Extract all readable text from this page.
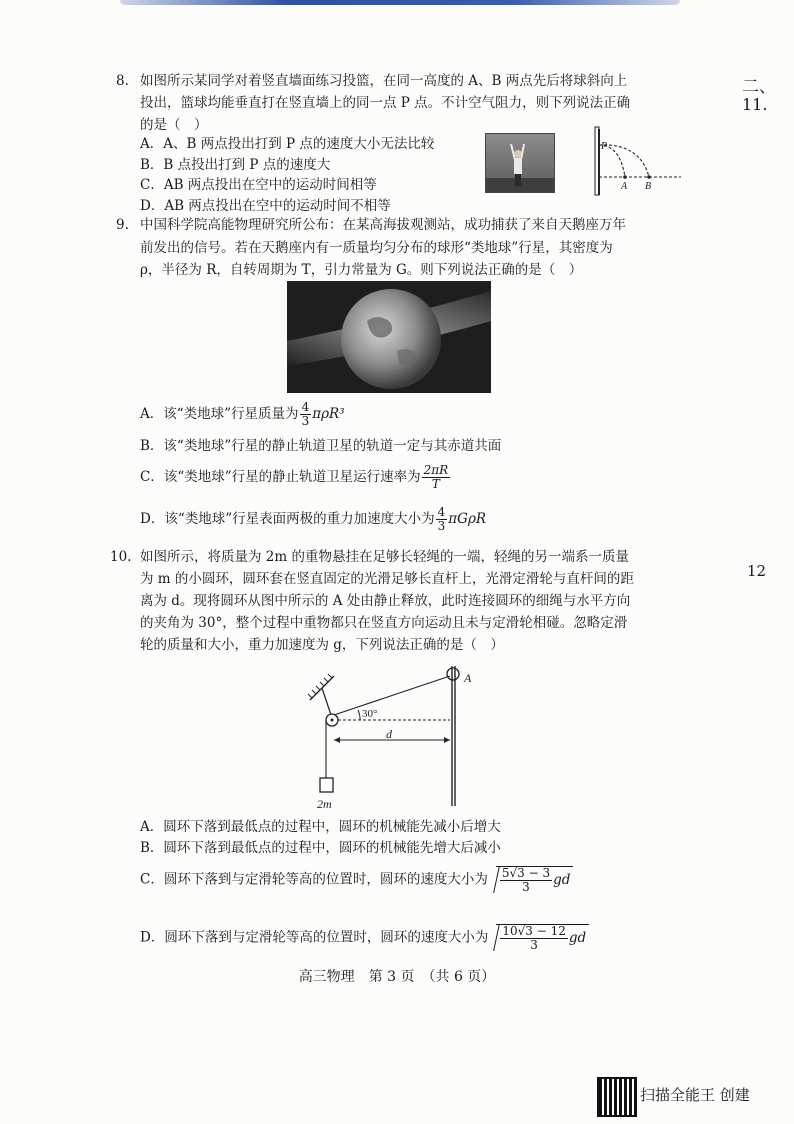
8. 如图所示某同学对着竖直墙面练习投篮，在同一高度的 A、B 两点先后将球斜向上
投出，篮球均能垂直打在竖直墙上的同一点 P 点。不计空气阻力，则下列说法正确
的是（　）
A．A、B 两点投出打到 P 点的速度大小无法比较
B．B 点投出打到 P 点的速度大
C．AB 两点投出在空中的运动时间相等
D．AB 两点投出在空中的运动时间不相等
P
A B
9. 中国科学院高能物理研究所公布：在某高海拔观测站，成功捕获了来自天鹅座万年
前发出的信号。若在天鹅座内有一质量均匀分布的球形“类地球”行星，其密度为
ρ，半径为 R，自转周期为 T，引力常量为 G。则下列说法正确的是（　）
A．该“类地球”行星质量为 $\frac{4}{3} \pi\rho R^3$
B．该“类地球”行星的静止轨道卫星的轨道一定与其赤道共面
C．该“类地球”行星的静止轨道卫星运行速率为 $\frac{2\pi R}{T}$
D．该“类地球”行星表面两极的重力加速度大小为 $\frac{4}{3}$ πGρR
10. 如图所示，将质量为 2m 的重物悬挂在足够长轻绳的一端，轻绳的另一端系一质量
为 m 的小圆环，圆环套在竖直固定的光滑足够长直杆上，光滑定滑轮与直杆间的距
离为 d。现将圆环从图中所示的 A 处由静止释放，此时连接圆环的细绳与水平方向
的夹角为 30°，整个过程中重物都只在竖直方向运动且未与定滑轮相碰。忽略定滑
轮的质量和大小，重力加速度为 g，下列说法正确的是（　）
30°
d
A
2m
A．圆环下落到最低点的过程中，圆环的机械能先减小后增大
B．圆环下落到最低点的过程中，圆环的机械能先增大后减小
C．圆环下落到与定滑轮等高的位置时，圆环的速度大小为 $\frac{5√3 - 3}{3}$ gd
D．圆环下落到与定滑轮等高的位置时，圆环的速度大小为 $\frac{10√3 - 12}{3}$ gd
高三物理　第 3 页　（共 6 页）
二、
11.
12
扫描全能王 创建
